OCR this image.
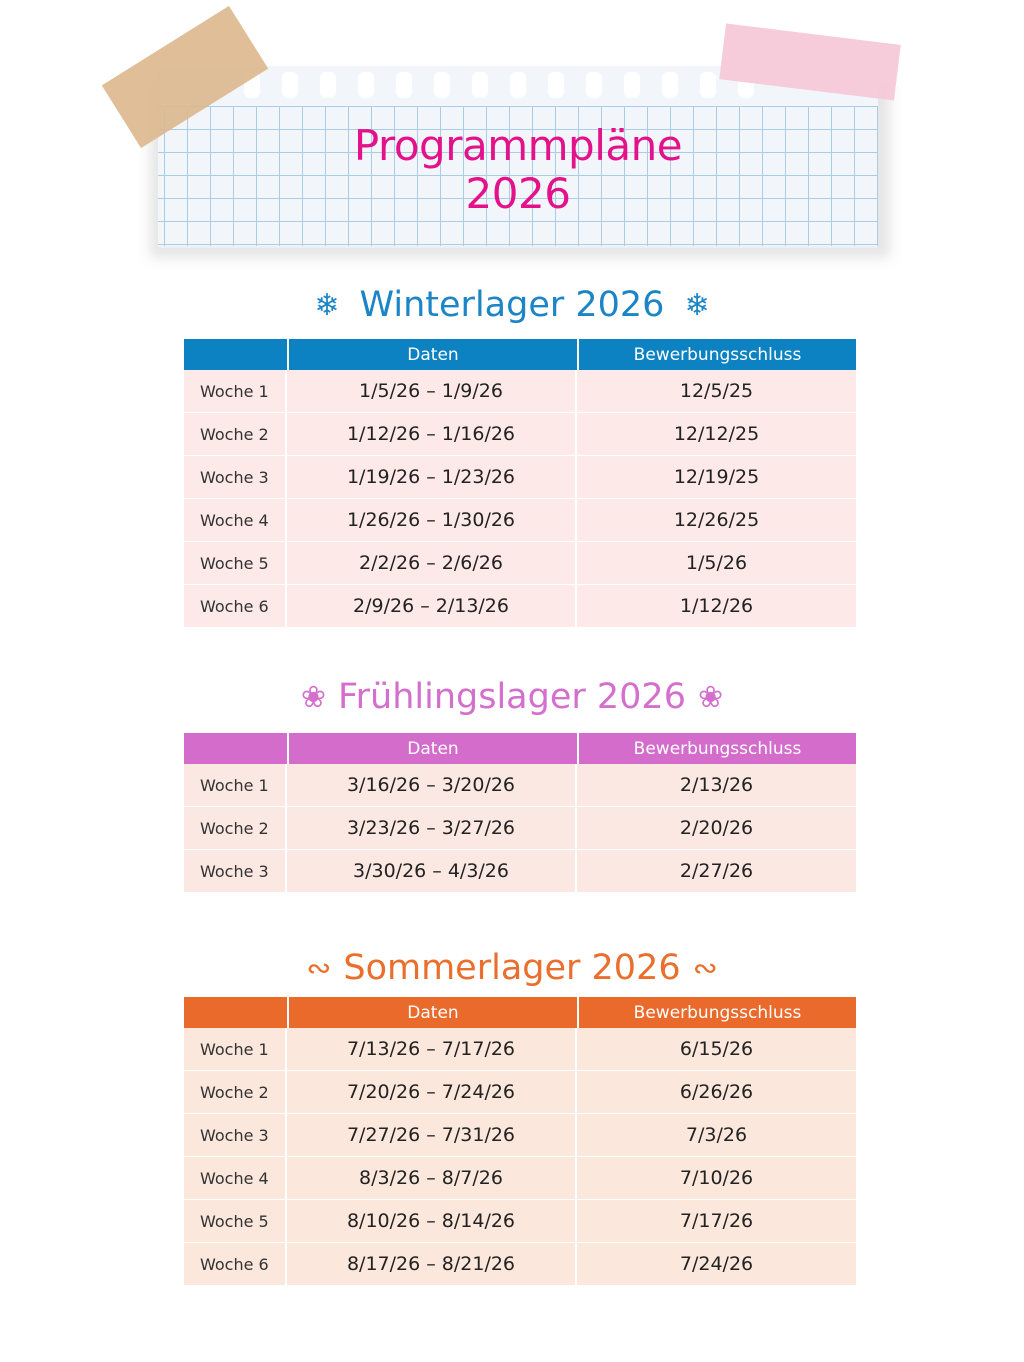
Programmpläne
2026
❄ Winterlager 2026 ❄
Daten	Bewerbungsschluss
Woche 1	1/5/26 – 1/9/26	12/5/25
Woche 2	1/12/26 – 1/16/26	12/12/25
Woche 3	1/19/26 – 1/23/26	12/19/25
Woche 4	1/26/26 – 1/30/26	12/26/25
Woche 5	2/2/26 – 2/6/26	1/5/26
Woche 6	2/9/26 – 2/13/26	1/12/26
❀ Frühlingslager 2026 ❀
Daten	Bewerbungsschluss
Woche 1	3/16/26 – 3/20/26	2/13/26
Woche 2	3/23/26 – 3/27/26	2/20/26
Woche 3	3/30/26 – 4/3/26	2/27/26
∾ Sommerlager 2026 ∾
Daten	Bewerbungsschluss
Woche 1	7/13/26 – 7/17/26	6/15/26
Woche 2	7/20/26 – 7/24/26	6/26/26
Woche 3	7/27/26 – 7/31/26	7/3/26
Woche 4	8/3/26 – 8/7/26	7/10/26
Woche 5	8/10/26 – 8/14/26	7/17/26
Woche 6	8/17/26 – 8/21/26	7/24/26
